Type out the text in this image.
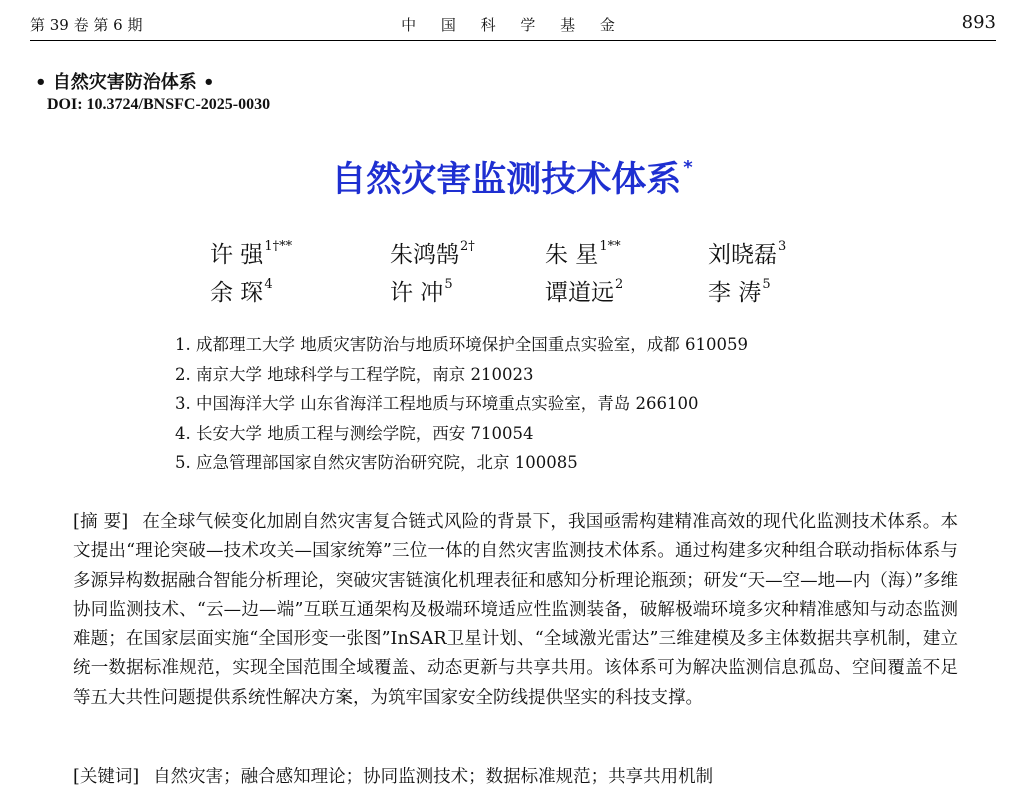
第 39 卷 第 6 期	中 国 科 学 基 金	893
• 自然灾害防治体系 •
DOI: 10.3724/BNSFC-2025-0030
自然灾害监测技术体系 *
许 强$^{1\dagger**}$	朱鸿鹄$^{2\dagger}$	朱 星$^{1**}$	刘晓磊$^3$
余 琛$^4$	许 冲$^5$	谭道远$^2$	李 涛$^5$
1. 成都理工大学 地质灾害防治与地质环境保护全国重点实验室，成都 610059
2. 南京大学 地球科学与工程学院，南京 210023
3. 中国海洋大学 山东省海洋工程地质与环境重点实验室，青岛 266100
4. 长安大学 地质工程与测绘学院，西安 710054
5. 应急管理部国家自然灾害防治研究院，北京 100085
[摘 要] 在全球气候变化加剧自然灾害复合链式风险的背景下，我国亟需构建精准高效的现代化监测技术体系。本文提出“理论突破—技术攻关—国家统筹”三位一体的自然灾害监测技术体系。通过构建多灾种组合联动指标体系与多源异构数据融合智能分析理论，突破灾害链演化机理表征和感知分析理论瓶颈；研发“天—空—地—内（海）”多维协同监测技术、“云—边—端”互联互通架构及极端环境适应性监测装备，破解极端环境多灾种精准感知与动态监测难题；在国家层面实施“全国形变一张图”InSAR卫星计划、“全域激光雷达”三维建模及多主体数据共享机制，建立统一数据标准规范，实现全国范围全域覆盖、动态更新与共享共用。该体系可为解决监测信息孤岛、空间覆盖不足等五大共性问题提供系统性解决方案，为筑牢国家安全防线提供坚实的科技支撑。
[关键词] 自然灾害；融合感知理论；协同监测技术；数据标准规范；共享共用机制
